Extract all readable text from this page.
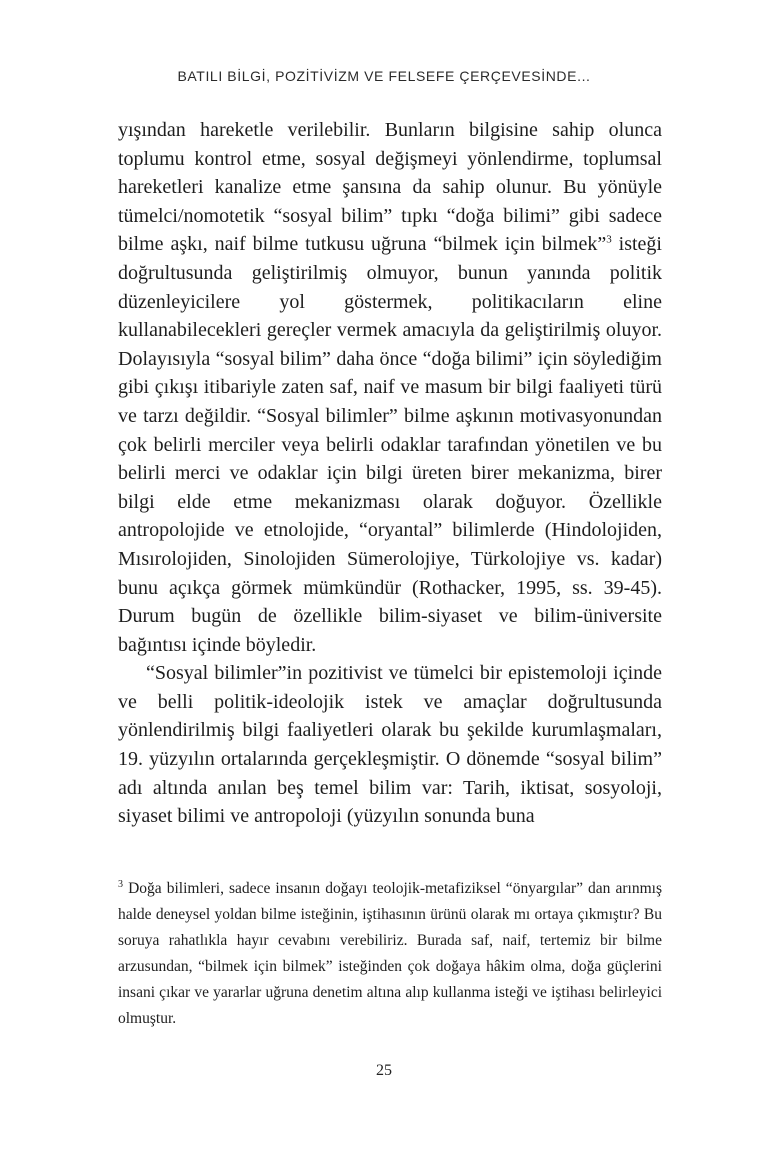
BATILI BİLGİ, POZİTİVİZM VE FELSEFE ÇERÇEVESİNDE...

yışından hareketle verilebilir. Bunların bilgisine sahip olunca toplumu kontrol etme, sosyal değişmeyi yönlendirme, toplumsal hareketleri kanalize etme şansına da sahip olunur. Bu yönüyle tümelci/nomotetik “sosyal bilim” tıpkı “doğa bilimi” gibi sadece bilme aşkı, naif bilme tutkusu uğruna “bilmek için bilmek”$^3$ isteği doğrultusunda geliştirilmiş olmuyor, bunun yanında politik düzenleyicilere yol göstermek, politikacıların eline kullanabilecekleri gereçler vermek amacıyla da geliştirilmiş oluyor. Dolayısıyla “sosyal bilim” daha önce “doğa bilimi” için söylediğim gibi çıkışı itibariyle zaten saf, naif ve masum bir bilgi faaliyeti türü ve tarzı değildir. “Sosyal bilimler” bilme aşkının motivasyonundan çok belirli merciler veya belirli odaklar tarafından yönetilen ve bu belirli merci ve odaklar için bilgi üreten birer mekanizma, birer bilgi elde etme mekanizması olarak doğuyor. Özellikle antropolojide ve etnolojide, “oryantal” bilimlerde (Hindolojiden, Mısırolojiden, Sinolojiden Sümerolojiye, Türkolojiye vs. kadar) bunu açıkça görmek mümkündür (Rothacker, 1995, ss. 39-45). Durum bugün de özellikle bilim-siyaset ve bilim-üniversite bağıntısı içinde böyledir.

“Sosyal bilimler”in pozitivist ve tümelci bir epistemoloji içinde ve belli politik-ideolojik istek ve amaçlar doğrultusunda yönlendirilmiş bilgi faaliyetleri olarak bu şekilde kurumlaşmaları, 19. yüzyılın ortalarında gerçekleşmiştir. O dönemde “sosyal bilim” adı altında anılan beş temel bilim var: Tarih, iktisat, sosyoloji, siyaset bilimi ve antropoloji (yüzyılın sonunda buna

$^3$ Doğa bilimleri, sadece insanın doğayı teolojik-metafiziksel “önyargılar” dan arınmış halde deneysel yoldan bilme isteğinin, iştihasının ürünü olarak mı ortaya çıkmıştır? Bu soruya rahatlıkla hayır cevabını verebiliriz. Burada saf, naif, tertemiz bir bilme arzusundan, “bilmek için bilmek” isteğinden çok doğaya hâkim olma, doğa güçlerini insani çıkar ve yararlar uğruna denetim altına alıp kullanma isteği ve iştihası belirleyici olmuştur.

25
